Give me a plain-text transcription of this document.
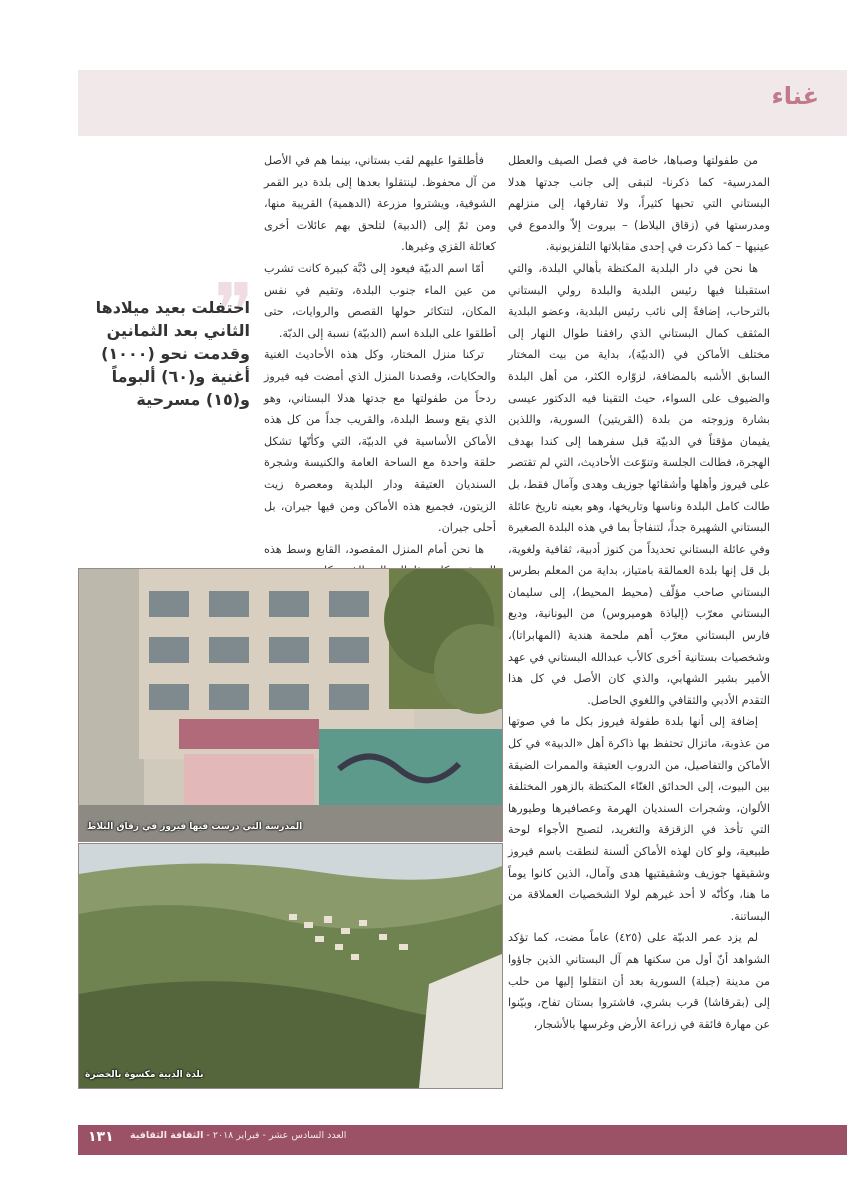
غناء

من طفولتها وصباها، خاصة في فصل الصيف والعطل المدرسية- كما ذكرنا- لتبقى إلى جانب جدتها هدلا البستاني التي تحبها كثيراً، ولا تفارقها، إلى منزلهم ومدرستها في (زقاق البلاط) – بيروت إلاّ والدموع في عينيها – كما ذكرت في إحدى مقابلاتها التلفزيونية.

ها نحن في دار البلدية المكتظة بأهالي البلدة، والتي استقبلنا فيها رئيس البلدية والبلدة رولي البستاني بالترحاب، إضافةً إلى نائب رئيس البلدية، وعضو البلدية المثقف كمال البستاني الذي رافقنا طوال النهار إلى مختلف الأماكن في (الدبيّة)، بداية من بيت المختار السابق الأشبه بالمضافة، لزوّاره الكثر، من أهل البلدة والضيوف على السواء، حيث التقينا فيه الدكتور عيسى بشارة وزوجته من بلدة (القريتين) السورية، واللذين يقيمان مؤقتاً في الدبيّة قبل سفرهما إلى كندا بهدف الهجرة، فطالت الجلسة وتنوّعت الأحاديث، التي لم تقتصر على فيروز وأهلها وأشقائها جوزيف وهدى وآمال فقط، بل طالت كامل البلدة وناسها وتاريخها، وهو بعينه تاريخ عائلة البستاني الشهيرة جداً، لتنفاجأ بما في هذه البلدة الصغيرة وفي عائلة البستاني تحديداً من كنوز أدبية، ثقافية ولغوية، بل قل إنها بلدة العمالقة بامتياز، بداية من المعلم بطرس البستاني صاحب مؤلّف (محيط المحيط)، إلى سليمان البستاني معرّب (إلياذة هوميروس) من اليونانية، وديع فارس البستاني معرّب أهم ملحمة هندية (المهابراتا)، وشخصيات بستانية أخرى كالأب عبدالله البستاني في عهد الأمير بشير الشهابي، والذي كان الأصل في كل هذا التقدم الأدبي والثقافي واللغوي الحاصل.

إضافة إلى أنها بلدة طفولة فيروز بكل ما في صوتها من عذوبة، ماتزال تحتفظ بها ذاكرة أهل «الدبية» في كل الأماكن والتفاصيل، من الدروب العتيقة والممرات الضيقة بين البيوت، إلى الحدائق الغنّاء المكتظة بالزهور المختلفة الألوان، وشجرات السنديان الهرمة وعصافيرها وطيورها التي تأخذ في الزقزقة والتغريد، لتصبح الأجواء لوحة طبيعية، ولو كان لهذه الأماكن ألسنة لنطقت باسم فيروز وشقيقها جوزيف وشقيقتيها هدى وآمال، الذين كانوا يوماً ما هنا، وكأنّه لا أحد غيرهم لولا الشخصيات العملاقة من البساتنة.

لم يزد عمر الدبيّة على (٤٢٥) عاماً مضت، كما تؤكد الشواهد أنّ أول من سكنها هم آل البستاني الذين جاؤوا من مدينة (جبلة) السورية بعد أن انتقلوا إليها من حلب إلى (بقرقاشا) قرب بشري، فاشتروا بستان تفاح، وبيّنوا عن مهارة فائقة في زراعة الأرض وغرسها بالأشجار،

فأطلقوا عليهم لقب بستاني، بينما هم في الأصل من آل محفوظ. لينتقلوا بعدها إلى بلدة دير القمر الشوفية، ويشتروا مزرعة (الدهمية) القريبة منها، ومن ثمّ إلى (الدبية) لتلحق بهم عائلات أخرى كعائلة القزي وغيرها.

أمّا اسم الدبيّة فيعود إلى دُبَّة كبيرة كانت تشرب من عين الماء جنوب البلدة، وتقيم في نفس المكان، لتتكاثر حولها القصص والروايات، حتى أطلقوا على البلدة اسم (الدبيّة) نسبة إلى الدبّة.

تركنا منزل المختار، وكل هذه الأحاديث الغنية والحكايات، وقصدنا المنزل الذي أمضت فيه فيروز ردحاً من طفولتها مع جدتها هدلا البستاني، وهو الذي يقع وسط البلدة، والقريب جداً من كل هذه الأماكن الأساسية في الدبيّة، التي وكأنّها تشكل حلقة واحدة مع الساحة العامة والكنيسة وشجرة السنديان العتيقة ودار البلدية ومعصرة زيت الزيتون، فجميع هذه الأماكن ومن فيها جيران، بل أحلى جيران.

ها نحن أمام المنزل المقصود، القابع وسط هذه

❞
احتفلت بعيد ميلادها الثاني بعد الثمانين وقدمت نحو (١٠٠٠) أغنية و(٦٠) ألبوماً و(١٥) مسرحية
المدرسة التي درست فيها فيروز في زقاق البلاط
بلدة الدبية مكسوة بالخضرة
١٣١	العدد السادس عشر - فبراير ٢٠١٨ - الثقافة الثقافية
